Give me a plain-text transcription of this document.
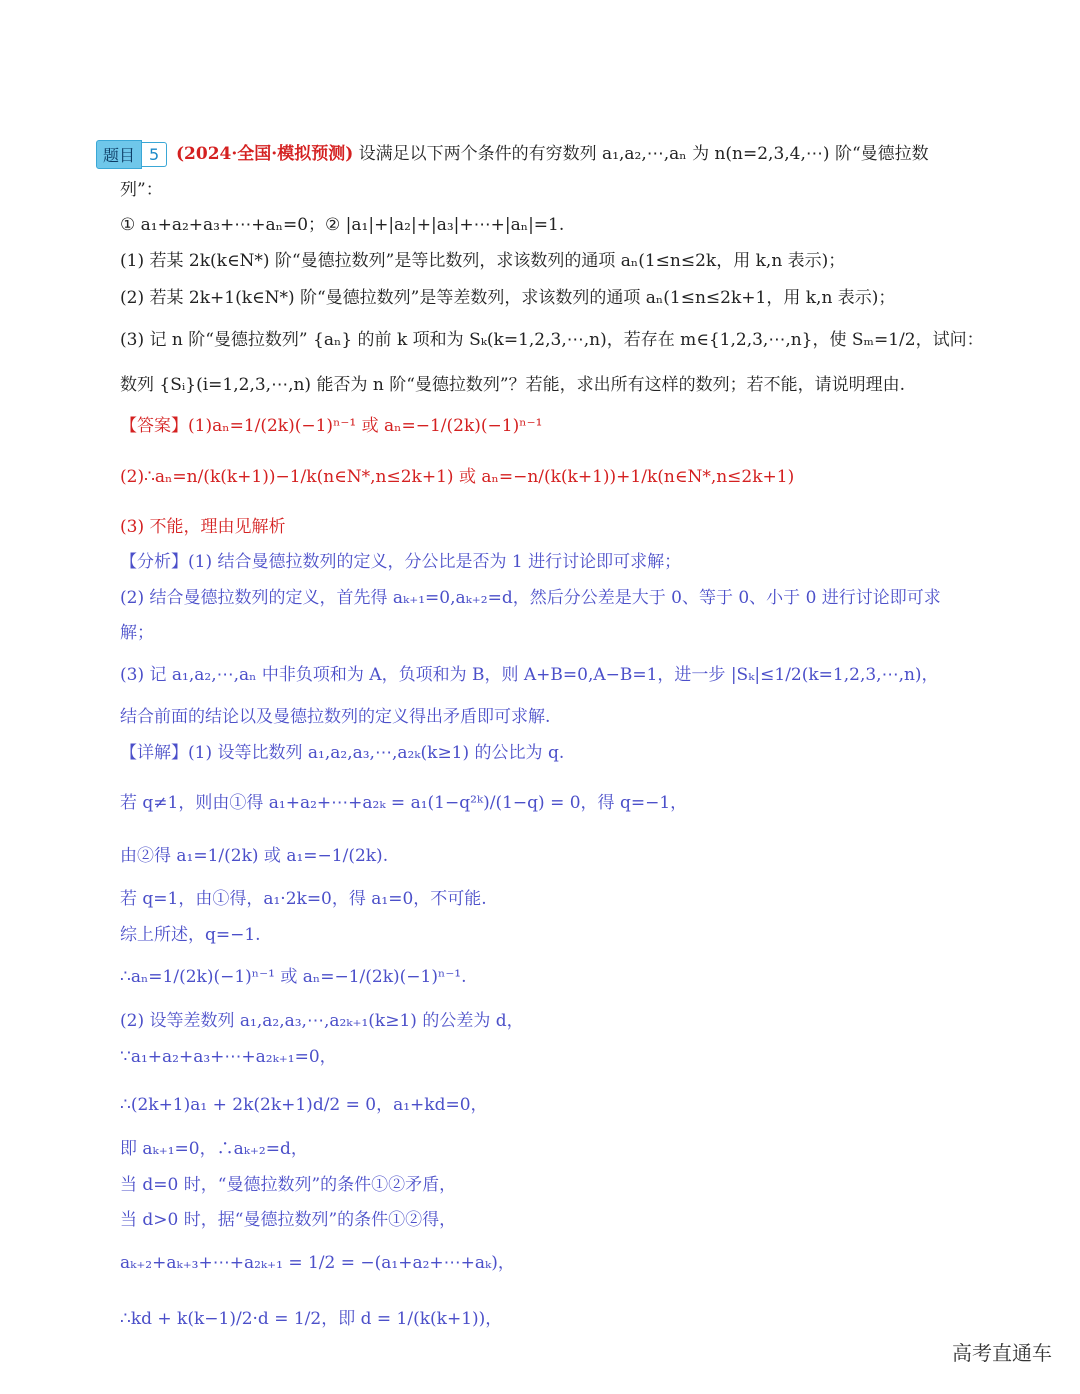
题目 5 (2024·全国·模拟预测) 设满足以下两个条件的有穷数列 a₁,a₂,⋯,aₙ 为 n(n=2,3,4,⋯) 阶“曼德拉数
列”：
① a₁+a₂+a₃+⋯+aₙ=0；② |a₁|+|a₂|+|a₃|+⋯+|aₙ|=1.
(1) 若某 2k(k∈N*) 阶“曼德拉数列”是等比数列，求该数列的通项 aₙ(1≤n≤2k，用 k,n 表示)；
(2) 若某 2k+1(k∈N*) 阶“曼德拉数列”是等差数列，求该数列的通项 aₙ(1≤n≤2k+1，用 k,n 表示)；
(3) 记 n 阶“曼德拉数列” {aₙ} 的前 k 项和为 Sₖ(k=1,2,3,⋯,n)，若存在 m∈{1,2,3,⋯,n}，使 Sₘ=1/2，试问：
数列 {Sᵢ}(i=1,2,3,⋯,n) 能否为 n 阶“曼德拉数列”？若能，求出所有这样的数列；若不能，请说明理由.
【答案】(1)aₙ=1/(2k)(−1)ⁿ⁻¹ 或 aₙ=−1/(2k)(−1)ⁿ⁻¹
(2)∴aₙ=n/(k(k+1))−1/k(n∈N*,n≤2k+1) 或 aₙ=−n/(k(k+1))+1/k(n∈N*,n≤2k+1)
(3) 不能，理由见解析
【分析】(1) 结合曼德拉数列的定义，分公比是否为 1 进行讨论即可求解；
(2) 结合曼德拉数列的定义，首先得 aₖ₊₁=0,aₖ₊₂=d，然后分公差是大于 0、等于 0、小于 0 进行讨论即可求
解；
(3) 记 a₁,a₂,⋯,aₙ 中非负项和为 A，负项和为 B，则 A+B=0,A−B=1，进一步 |Sₖ|≤1/2(k=1,2,3,⋯,n)，
结合前面的结论以及曼德拉数列的定义得出矛盾即可求解.
【详解】(1) 设等比数列 a₁,a₂,a₃,⋯,a₂ₖ(k≥1) 的公比为 q.
若 q≠1，则由①得 a₁+a₂+⋯+a₂ₖ = a₁(1−q²ᵏ)/(1−q) = 0，得 q=−1，
由②得 a₁=1/(2k) 或 a₁=−1/(2k).
若 q=1，由①得，a₁·2k=0，得 a₁=0，不可能.
综上所述，q=−1.
∴aₙ=1/(2k)(−1)ⁿ⁻¹ 或 aₙ=−1/(2k)(−1)ⁿ⁻¹.
(2) 设等差数列 a₁,a₂,a₃,⋯,a₂ₖ₊₁(k≥1) 的公差为 d，
∵a₁+a₂+a₃+⋯+a₂ₖ₊₁=0，
∴(2k+1)a₁ + 2k(2k+1)d/2 = 0，a₁+kd=0，
即 aₖ₊₁=0，∴aₖ₊₂=d，
当 d=0 时，“曼德拉数列”的条件①②矛盾，
当 d>0 时，据“曼德拉数列”的条件①②得，
aₖ₊₂+aₖ₊₃+⋯+a₂ₖ₊₁ = 1/2 = −(a₁+a₂+⋯+aₖ)，
∴kd + k(k−1)/2·d = 1/2，即 d = 1/(k(k+1))，
高考直通车
